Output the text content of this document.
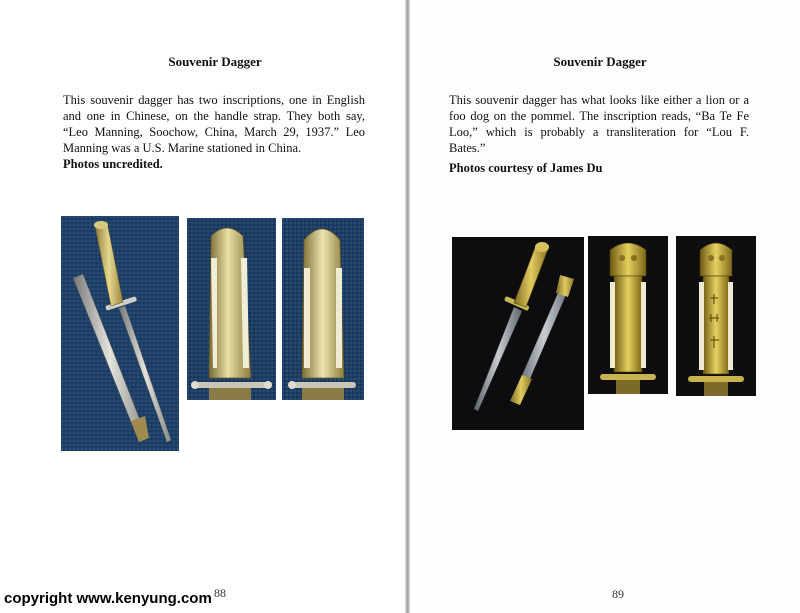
Souvenir Dagger

This souvenir dagger has two inscriptions, one in English and one in Chinese, on the handle strap. They both say, “Leo Manning, Soochow, China, March 29, 1937.” Leo Manning was a U.S. Marine stationed in China.

Photos uncredited.

88
Souvenir Dagger

This souvenir dagger has what looks like either a lion or a foo dog on the pommel. The inscription reads, “Ba Te Fe Loo,” which is probably a transliteration for “Lou F. Bates.”

Photos courtesy of James Du

89
copyright www.kenyung.com
